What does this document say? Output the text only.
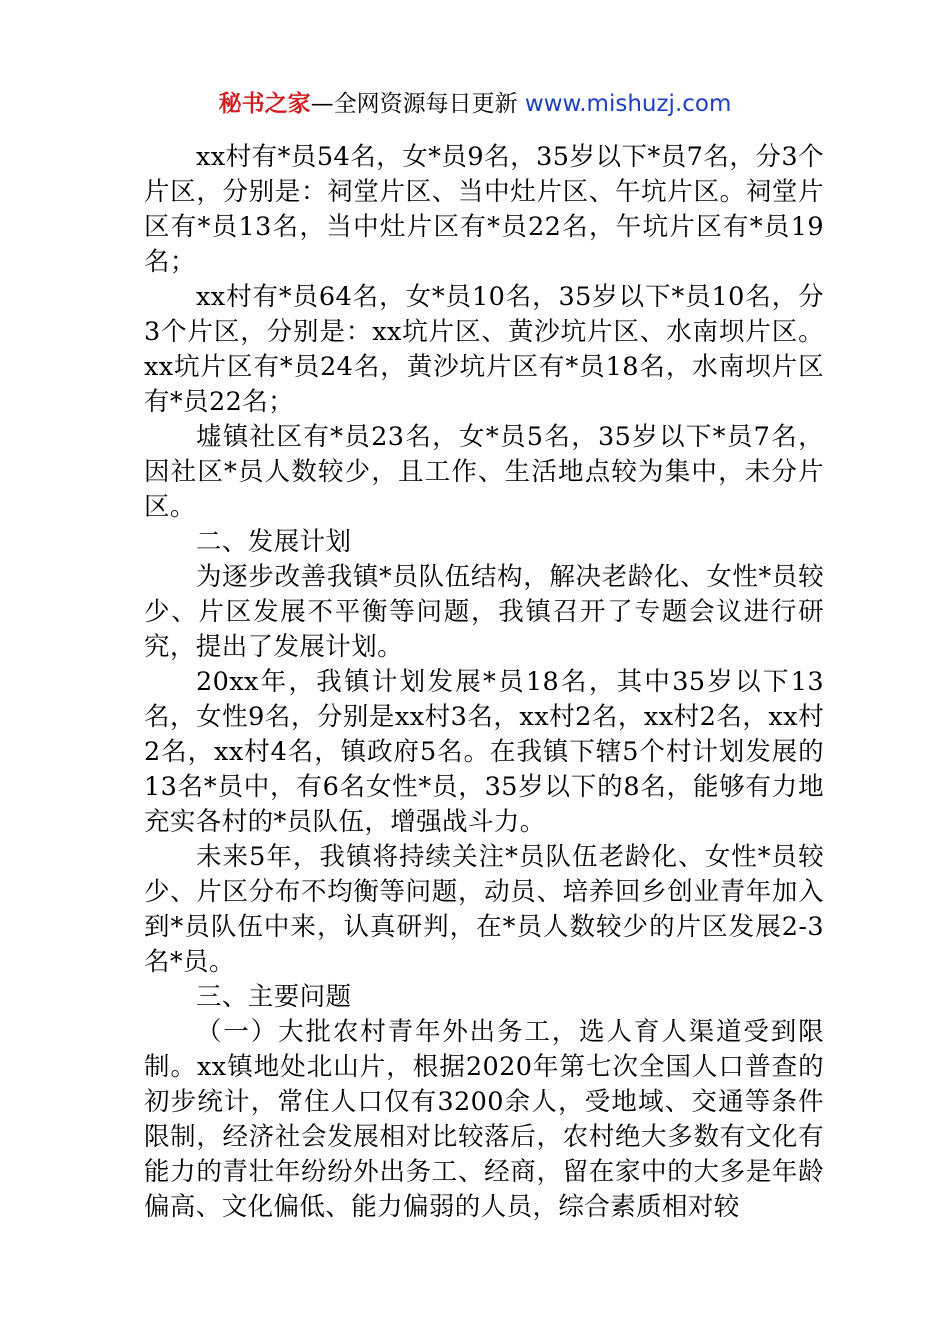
秘书之家—全网资源每日更新 www.mishuzj.com

xx村有*员54名，女*员9名，35岁以下*员7名，分3个片区，分别是：祠堂片区、当中灶片区、午坑片区。祠堂片区有*员13名，当中灶片区有*员22名，午坑片区有*员19名；

xx村有*员64名，女*员10名，35岁以下*员10名，分3个片区，分别是：xx坑片区、黄沙坑片区、水南坝片区。xx坑片区有*员24名，黄沙坑片区有*员18名，水南坝片区有*员22名；

墟镇社区有*员23名，女*员5名，35岁以下*员7名，因社区*员人数较少，且工作、生活地点较为集中，未分片区。

二、发展计划

为逐步改善我镇*员队伍结构，解决老龄化、女性*员较少、片区发展不平衡等问题，我镇召开了专题会议进行研究，提出了发展计划。

20xx年，我镇计划发展*员18名，其中35岁以下13名，女性9名，分别是xx村3名，xx村2名，xx村2名，xx村2名，xx村4名，镇政府5名。在我镇下辖5个村计划发展的13名*员中，有6名女性*员，35岁以下的8名，能够有力地充实各村的*员队伍，增强战斗力。

未来5年，我镇将持续关注*员队伍老龄化、女性*员较少、片区分布不均衡等问题，动员、培养回乡创业青年加入到*员队伍中来，认真研判，在*员人数较少的片区发展2-3名*员。

三、主要问题

（一）大批农村青年外出务工，选人育人渠道受到限制。xx镇地处北山片，根据2020年第七次全国人口普查的初步统计，常住人口仅有3200余人，受地域、交通等条件限制，经济社会发展相对比较落后，农村绝大多数有文化有能力的青壮年纷纷外出务工、经商，留在家中的大多是年龄偏高、文化偏低、能力偏弱的人员，综合素质相对较
